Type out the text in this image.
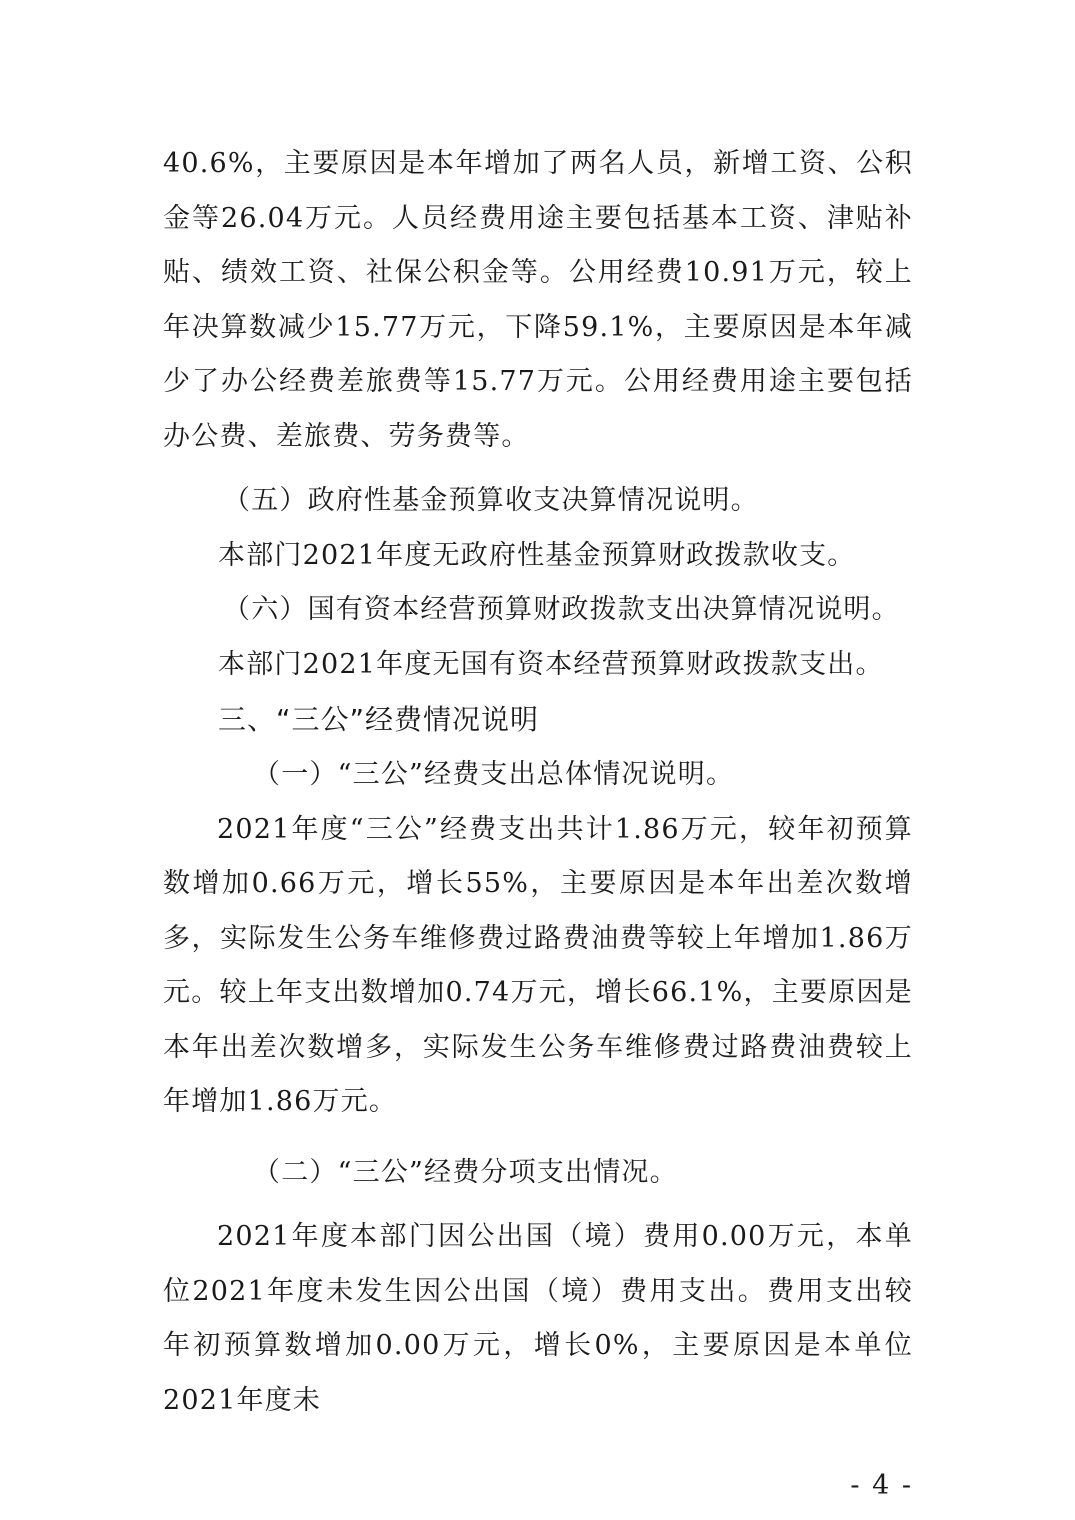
40.6%，主要原因是本年增加了两名人员，新增工资、公积金等26.04万元。人员经费用途主要包括基本工资、津贴补贴、绩效工资、社保公积金等。公用经费10.91万元，较上年决算数减少15.77万元，下降59.1%，主要原因是本年减少了办公经费差旅费等15.77万元。公用经费用途主要包括办公费、差旅费、劳务费等。

（五）政府性基金预算收支决算情况说明。

本部门2021年度无政府性基金预算财政拨款收支。

（六）国有资本经营预算财政拨款支出决算情况说明。

本部门2021年度无国有资本经营预算财政拨款支出。

三、“三公”经费情况说明

（一）“三公”经费支出总体情况说明。

2021年度“三公”经费支出共计1.86万元，较年初预算数增加0.66万元，增长55%，主要原因是本年出差次数增多，实际发生公务车维修费过路费油费等较上年增加1.86万元。较上年支出数增加0.74万元，增长66.1%，主要原因是本年出差次数增多，实际发生公务车维修费过路费油费较上年增加1.86万元。

（二）“三公”经费分项支出情况。

2021年度本部门因公出国（境）费用0.00万元，本单位2021年度未发生因公出国（境）费用支出。费用支出较年初预算数增加0.00万元，增长0%，主要原因是本单位2021年度未

- 4 -
